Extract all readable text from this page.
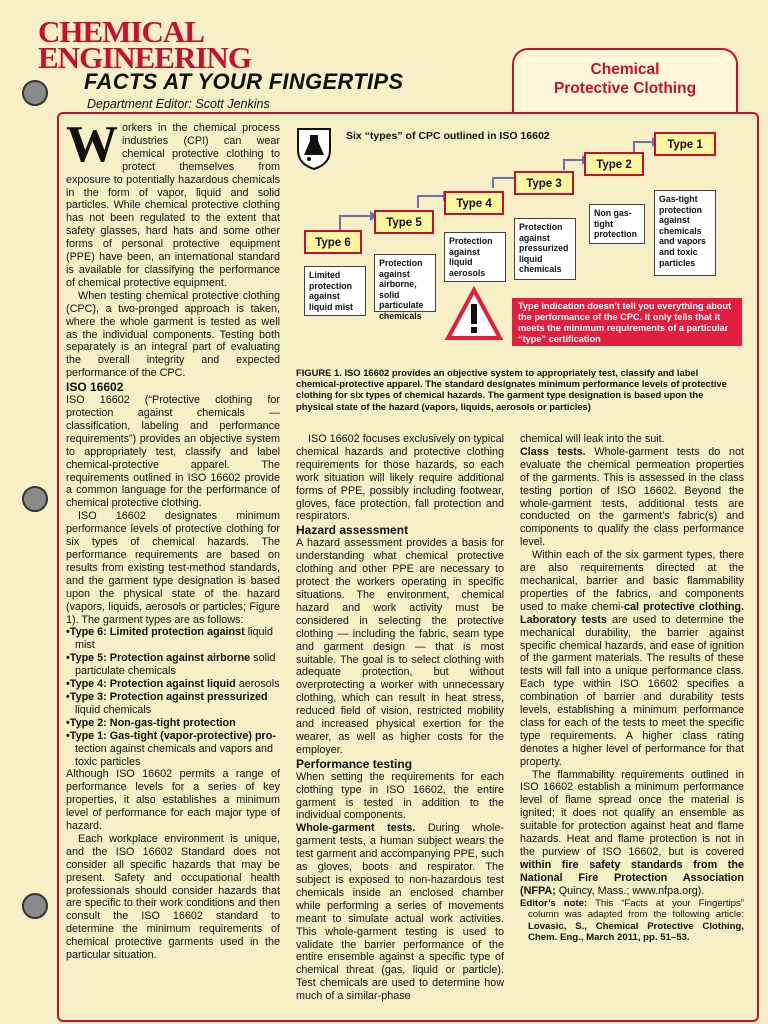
CHEMICAL
ENGINEERING
FACTS AT YOUR FINGERTIPS
Department Editor: Scott Jenkins
Chemical
Protective Clothing

Workers in the chemical process industries (CPI) can wear chemical protective clothing to protect themselves from exposure to potentially hazardous chemicals in the form of vapor, liquid and solid particles. While chemical protective clothing has not been regulated to the extent that safety glasses, hard hats and some other forms of personal protective equipment (PPE) have been, an international standard is available for classifying the performance of chemical protective equipment.

When testing chemical protective clothing (CPC), a two-pronged approach is taken, where the whole garment is tested as well as the individual components. Testing both separately is an integral part of evaluating the overall integrity and expected performance of the CPC.

ISO 16602

ISO 16602 (“Protective clothing for protection against chemicals — classification, labeling and performance requirements”) provides an objective system to appropriately test, classify and label chemical-protective apparel. The requirements outlined in ISO 16602 provide a common language for the performance of chemical protective clothing.

ISO 16602 designates minimum performance levels of protective clothing for six types of chemical hazards. The performance requirements are based on results from existing test-method standards, and the garment type designation is based upon the physical state of the hazard (vapors, liquids, aerosols or particles; Figure 1). The garment types are as follows:

•Type 6: Limited protection against liquid mist
•Type 5: Protection against airborne solid particulate chemicals
•Type 4: Protection against liquid aerosols
•Type 3: Protection against pressurized liquid chemicals
•Type 2: Non-gas-tight protection
•Type 1: Gas-tight (vapor-protective) pro- tection against chemicals and vapors and toxic particles

Although ISO 16602 permits a range of performance levels for a series of key properties, it also establishes a minimum level of performance for each major type of hazard.

Each workplace environment is unique, and the ISO 16602 Standard does not consider all specific hazards that may be present. Safety and occupational health professionals should consider hazards that are specific to their work conditions and then consult the ISO 16602 standard to determine the minimum requirements of chemical protective garments used in the particular situation.

Six “types” of CPC outlined in ISO 16602
Type 6
Type 5
Type 4
Type 3
Type 2
Type 1
Limited protection against liquid mist
Protection against airborne, solid particulate chemicals
Protection against liquid aerosols
Protection against pressurized liquid chemicals
Non gas-tight protection
Gas-tight protection against chemicals and vapors and toxic particles
Type indication doesn’t tell you everything about the performance of the CPC. It only tells that it meets the minimum requirements of a particular “type” certification
FIGURE 1. ISO 16602 provides an objective system to appropriately test, classify and label chemical-protective apparel. The standard designates minimum performance levels of protective clothing for six types of chemical hazards. The garment type designation is based upon the physical state of the hazard (vapors, liquids, aerosols or particles)

ISO 16602 focuses exclusively on typical chemical hazards and protective clothing requirements for those hazards, so each work situation will likely require additional forms of PPE, possibly including footwear, gloves, face protection, fall protection and respirators.

Hazard assessment

A hazard assessment provides a basis for understanding what chemical protective clothing and other PPE are necessary to protect the workers operating in specific situations. The environment, chemical hazard and work activity must be considered in selecting the protective clothing — including the fabric, seam type and garment design — that is most suitable. The goal is to select clothing with adequate protection, but without overprotecting a worker with unnecessary clothing, which can result in heat stress, reduced field of vision, restricted mobility and increased physical exertion for the wearer, as well as higher costs for the employer.

Performance testing

When setting the requirements for each clothing type in ISO 16602, the entire garment is tested in addition to the individual components.

Whole-garment tests. During whole-garment tests, a human subject wears the test garment and accompanying PPE, such as gloves, boots and respirator. The subject is exposed to non-hazardous test chemicals inside an enclosed chamber while performing a series of movements meant to simulate actual work activities. This whole-garment testing is used to validate the barrier performance of the entire ensemble against a specific type of chemical threat (gas, liquid or particle). Test chemicals are used to determine how much of a similar-phase

chemical will leak into the suit.

Class tests. Whole-garment tests do not evaluate the chemical permeation properties of the garments. This is assessed in the class testing portion of ISO 16602. Beyond the whole-garment tests, additional tests are conducted on the garment’s fabric(s) and components to qualify the class performance level.

Within each of the six garment types, there are also requirements directed at the mechanical, barrier and basic flammability properties of the fabrics, and components used to make chemi-cal protective clothing. Laboratory tests are used to determine the mechanical durability, the barrier against specific chemical hazards, and ease of ignition of the garment materials. The results of these tests will fall into a unique performance class. Each type within ISO 16602 specifies a combination of barrier and durability tests levels, establishing a minimum performance class for each of the tests to meet the specific type requirements. A higher class rating denotes a higher level of performance for that property.

The flammability requirements outlined in ISO 16602 establish a minimum performance level of flame spread once the material is ignited; it does not qualify an ensemble as suitable for protection against heat and flame hazards. Heat and flame protection is not in the purview of ISO 16602, but is covered within fire safety standards from the National Fire Protection Association (NFPA; Quincy, Mass.; www.nfpa.org).

Editor’s note: This “Facts at your Fingertips” column was adapted from the following article: Lovasic, S., Chemical Protective Clothing, Chem. Eng., March 2011, pp. 51–53.
